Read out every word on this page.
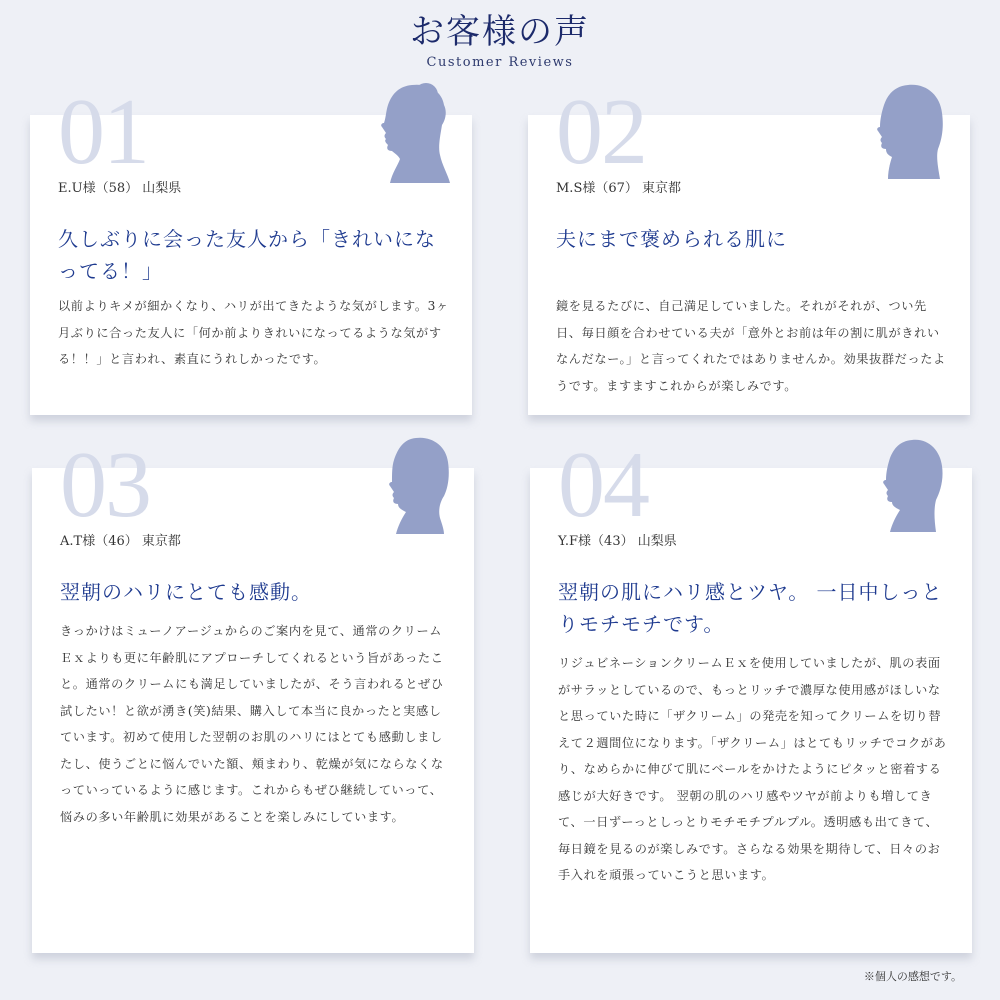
お客様の声
Customer Reviews
01
E.U様（58） 山梨県
久しぶりに会った友人から「きれいになってる！」
以前よりキメが細かくなり、ハリが出てきたような気がします。3ヶ月ぶりに合った友人に「何か前よりきれいになってるような気がする！！」と言われ、素直にうれしかったです。
02
M.S様（67） 東京都
夫にまで褒められる肌に
鏡を見るたびに、自己満足していました。それがそれが、つい先日、毎日顔を合わせている夫が「意外とお前は年の割に肌がきれいなんだなー。」と言ってくれたではありませんか。効果抜群だったようです。ますますこれからが楽しみです。
03
A.T様（46） 東京都
翌朝のハリにとても感動。
きっかけはミューノアージュからのご案内を見て、通常のクリームＥｘよりも更に年齢肌にアプローチしてくれるという旨があったこと。通常のクリームにも満足していましたが、そう言われるとぜひ試したい！と欲が湧き(笑)結果、購入して本当に良かったと実感しています。初めて使用した翌朝のお肌のハリにはとても感動しましたし、使うごとに悩んでいた額、頬まわり、乾燥が気にならなくなっていっているように感じます。これからもぜひ継続していって、悩みの多い年齢肌に効果があることを楽しみにしています。
04
Y.F様（43） 山梨県
翌朝の肌にハリ感とツヤ。 一日中しっとりモチモチです。
リジュビネーションクリームＥｘを使用していましたが、肌の表面がサラッとしているので、もっとリッチで濃厚な使用感がほしいなと思っていた時に「ザクリーム」の発売を知ってクリームを切り替えて２週間位になります。「ザクリーム」はとてもリッチでコクがあり、なめらかに伸びて肌にベールをかけたようにピタッと密着する感じが大好きです。 翌朝の肌のハリ感やツヤが前よりも増してきて、一日ずーっとしっとりモチモチプルプル。透明感も出てきて、毎日鏡を見るのが楽しみです。さらなる効果を期待して、日々のお手入れを頑張っていこうと思います。
※個人の感想です。
